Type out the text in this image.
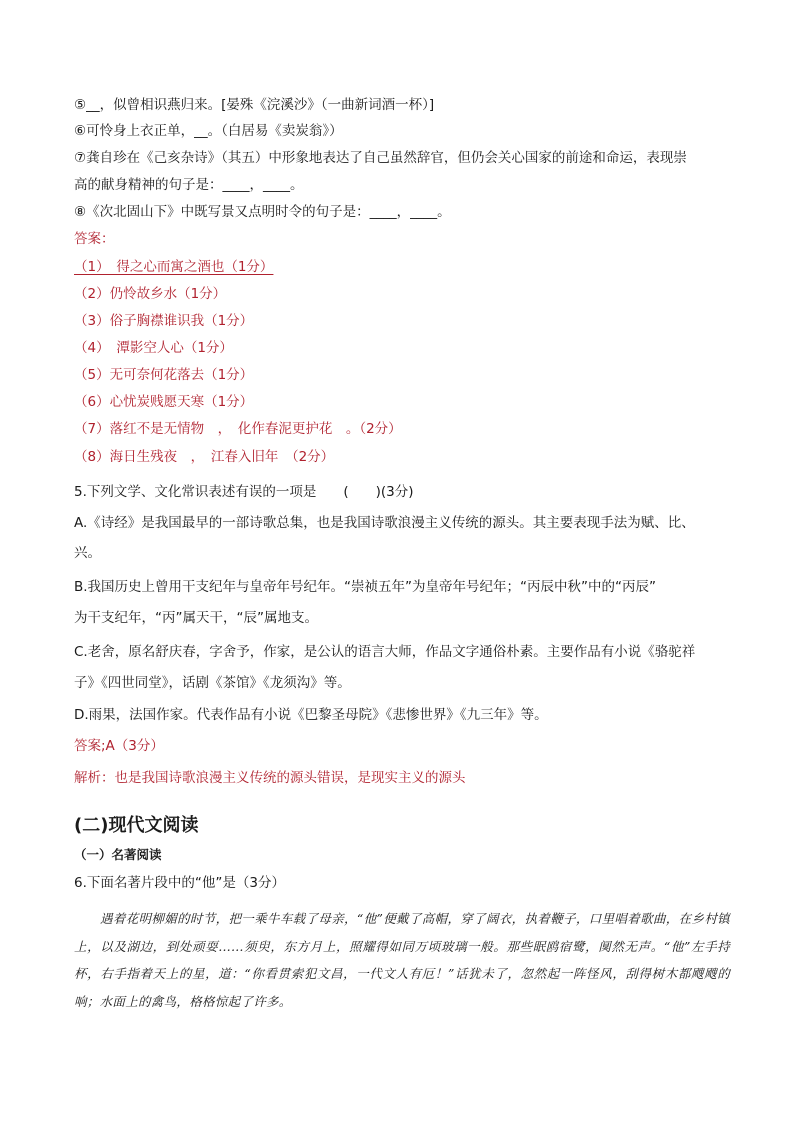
⑤__，似曾相识燕归来。[晏殊《浣溪沙》（一曲新词酒一杯）]
⑥可怜身上衣正单，__。（白居易《卖炭翁》）
⑦龚自珍在《己亥杂诗》（其五）中形象地表达了自己虽然辞官，但仍会关心国家的前途和命运，表现崇
高的献身精神的句子是：____，____。
⑧《次北固山下》中既写景又点明时令的句子是：____，____。
答案：
（1）　得之心而寓之酒也（1分）
（2）仍怜故乡水（1分）
（3）俗子胸襟谁识我（1分）
（4）　潭影空人心（1分）
（5）无可奈何花落去（1分）
（6）心忧炭贱愿天寒（1分）
（7）落红不是无情物　，　化作春泥更护花　。（2分）
（8）海日生残夜　，　江春入旧年　（2分）
5.下列文学、文化常识表述有误的一项是　　(　　)(3分)
A.《诗经》是我国最早的一部诗歌总集，也是我国诗歌浪漫主义传统的源头。其主要表现手法为赋、比、
兴。
B.我国历史上曾用干支纪年与皇帝年号纪年。“崇祯五年”为皇帝年号纪年；“丙辰中秋”中的“丙辰”
为干支纪年，“丙”属天干，“辰”属地支。
C.老舍，原名舒庆春，字舍予，作家，是公认的语言大师，作品文字通俗朴素。主要作品有小说《骆驼祥
子》《四世同堂》，话剧《茶馆》《龙须沟》等。
D.雨果，法国作家。代表作品有小说《巴黎圣母院》《悲惨世界》《九三年》等。
答案;A（3分）
解析：也是我国诗歌浪漫主义传统的源头错误，是现实主义的源头
(二)现代文阅读
（一）名著阅读
6.下面名著片段中的“他”是（3分）
遇着花明柳媚的时节，把一乘牛车载了母亲，“他”便戴了高帽，穿了阔衣，执着鞭子，口里唱着歌曲，在乡村镇上，以及湖边，到处顽耍……须臾，东方月上，照耀得如同万顷玻璃一般。那些眠鸥宿鹭，阒然无声。“他”左手持杯，右手指着天上的星，道：“你看贯索犯文昌，一代文人有厄！”话犹未了，忽然起一阵怪风，刮得树木都飕飕的响；水面上的禽鸟，格格惊起了许多。
